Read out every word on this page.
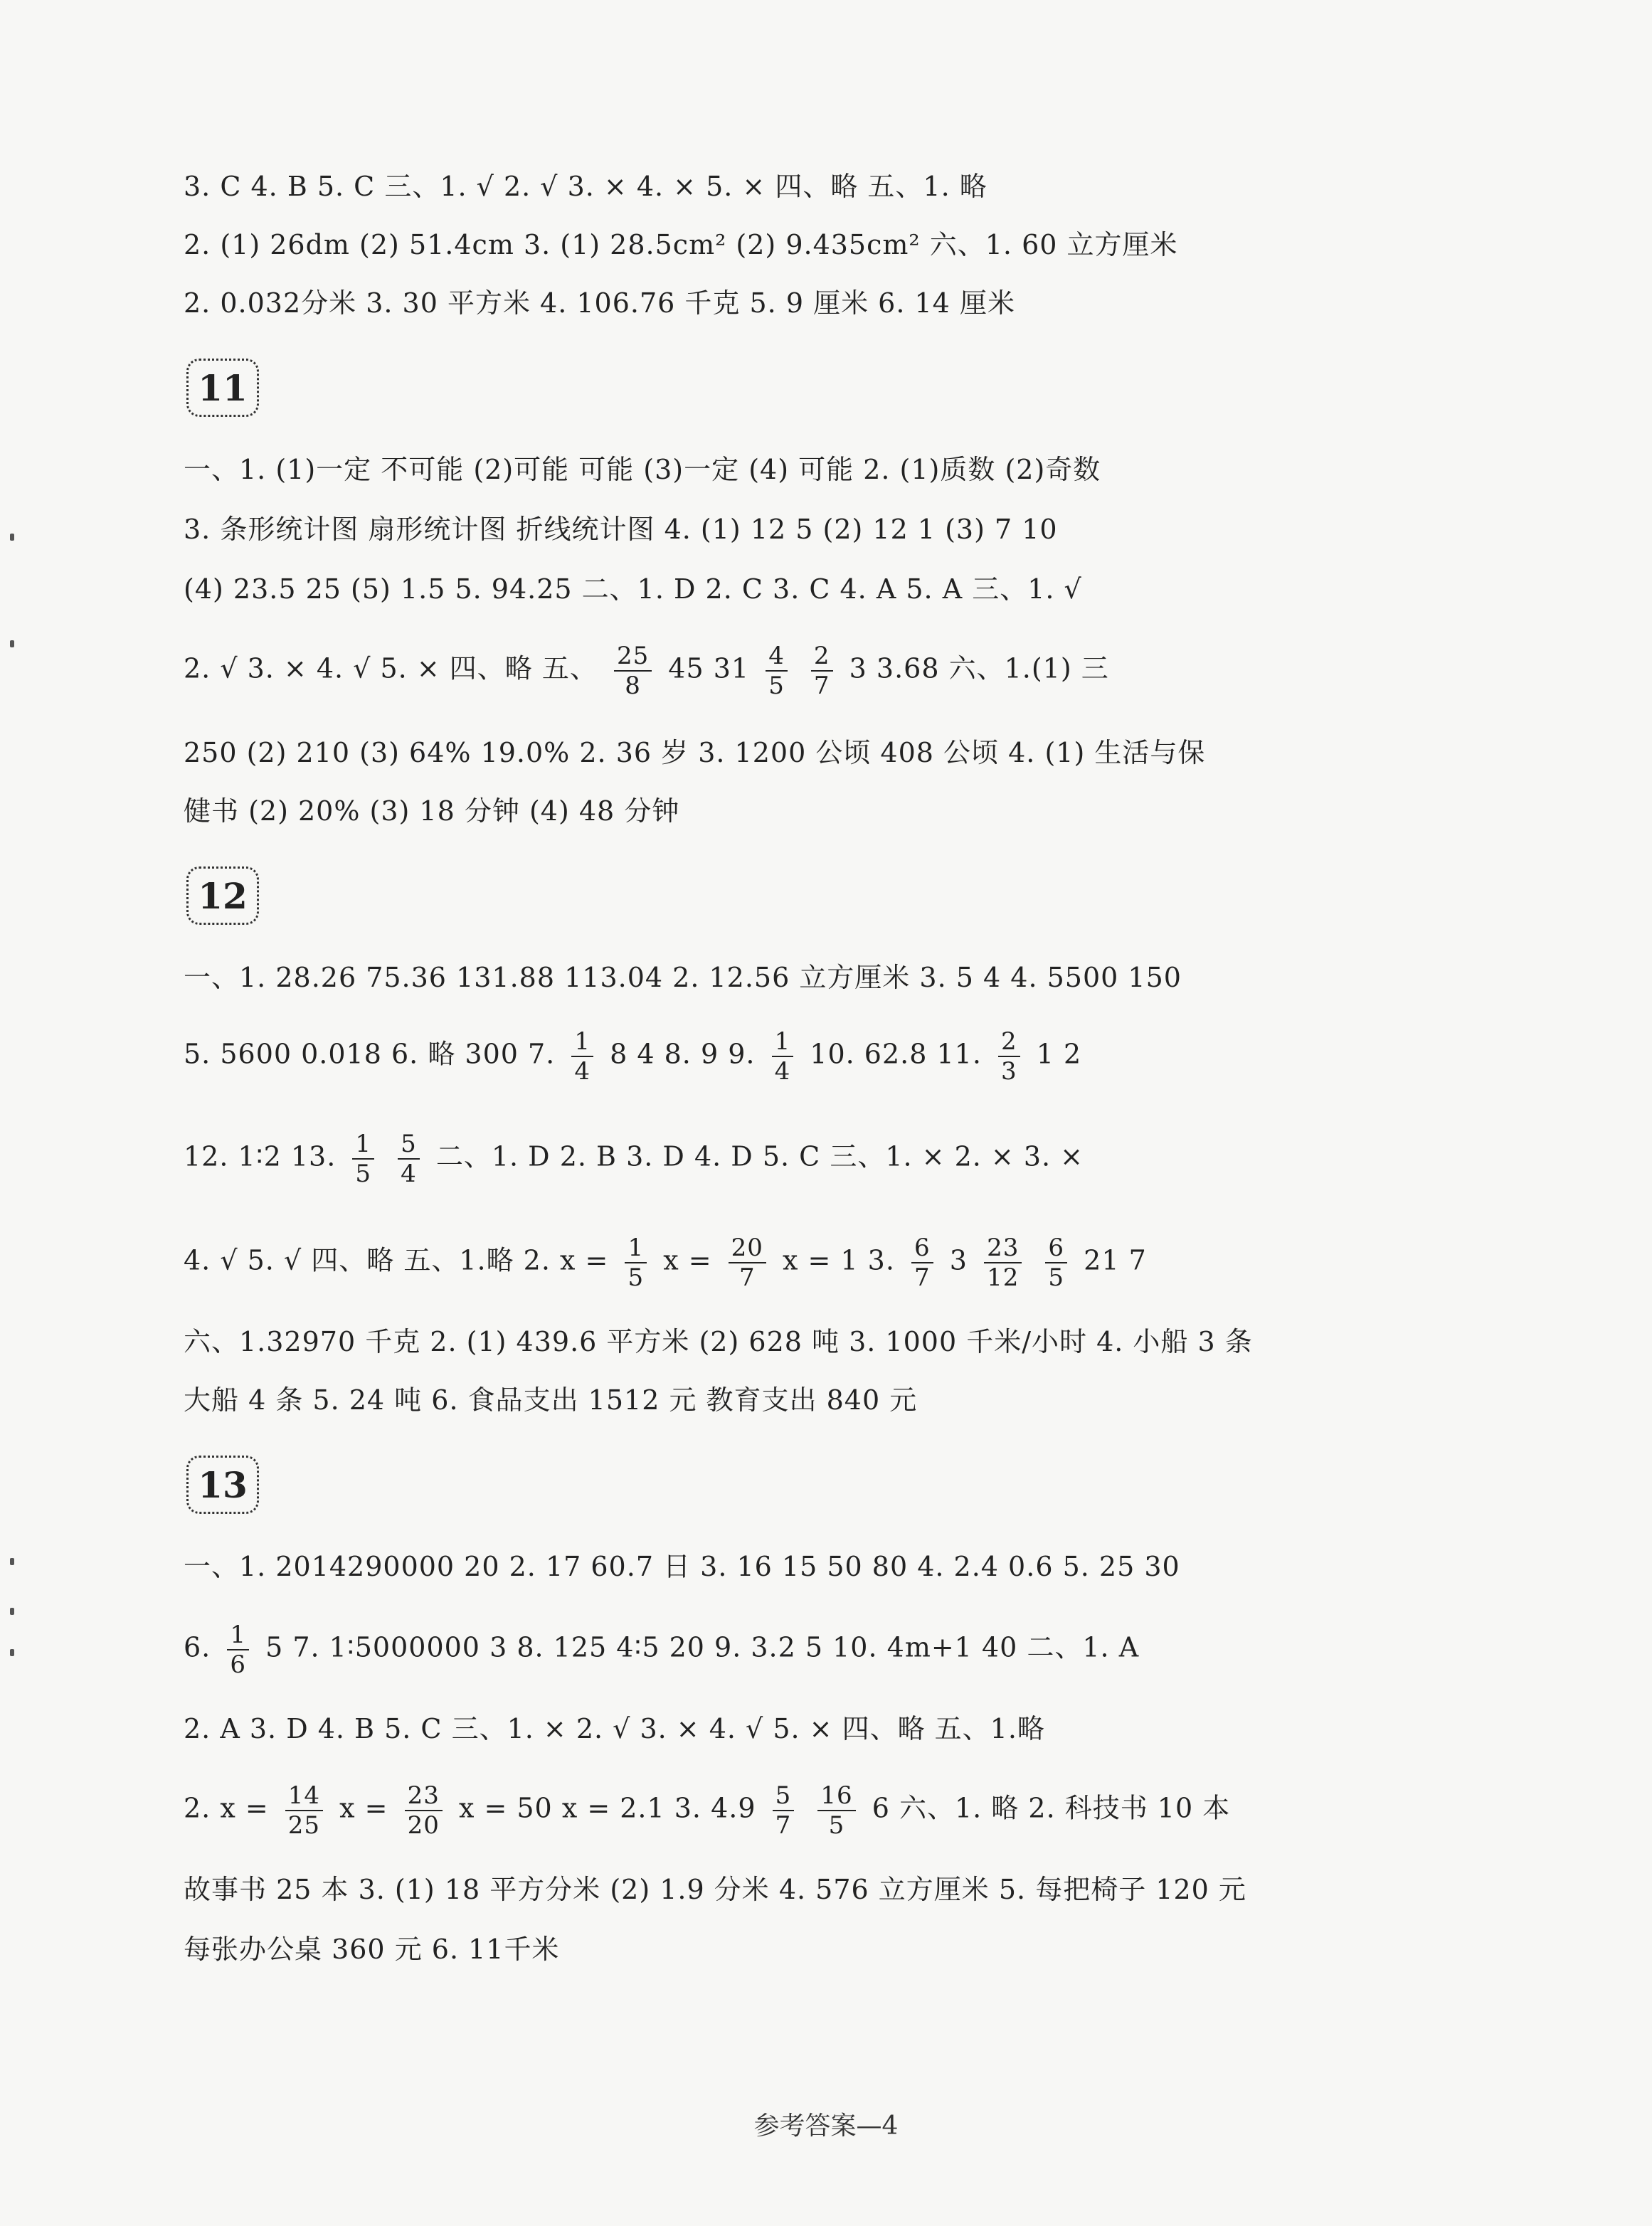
3. C 4. B 5. C 三、1. √ 2. √ 3. × 4. × 5. × 四、略 五、1. 略
2. (1) 26dm (2) 51.4cm 3. (1) 28.5cm² (2) 9.435cm² 六、1. 60 立方厘米
2. 0.032分米 3. 30 平方米 4. 106.76 千克 5. 9 厘米 6. 14 厘米
11
一、1. (1)一定 不可能 (2)可能 可能 (3)一定 (4) 可能 2. (1)质数 (2)奇数
3. 条形统计图 扇形统计图 折线统计图 4. (1) 12 5 (2) 12 1 (3) 7 10
(4) 23.5 25 (5) 1.5 5. 94.25 二、1. D 2. C 3. C 4. A 5. A 三、1. √
2. √ 3. × 4. √ 5. × 四、略 五、 $\frac{25}{8} 45$ $31 \frac{4}{5}$
$\frac{2}{7} 3$ 3.68 六、1.(1) 三
250 (2) 210 (3) 64% 19.0% 2. 36 岁 3. 1200 公顷 408 公顷 4. (1) 生活与保
健书 (2) 20% (3) 18 分钟 (4) 48 分钟
12
一、1. 28.26 75.36 131.88 113.04 2. 12.56 立方厘米 3. 5 4 4. 5500 150
5. 5600 0.018 6. 略 300 7. $\frac{1}{4} 8$ 4 8. 9 9. $\frac{1}{4} 10$. 62.8 11. $\frac{2}{3} 1$ 2
12. 1∶2 13. $\frac{1}{5}$
$\frac{5}{4}$ 二、1. D 2. B 3. D 4. D 5. C 三、1. × 2. × 3. ×
4. √ 5. √ 四、略 五、1.略 2. $x = \frac{1}{5}$ $x = \frac{20}{7}$ x = 1 3. $\frac{6}{7} 3 \frac{23}{12}$
$\frac{6}{5} 21$ 7
六、1.32970 千克 2. (1) 439.6 平方米 (2) 628 吨 3. 1000 千米/小时 4. 小船 3 条
大船 4 条 5. 24 吨 6. 食品支出 1512 元 教育支出 840 元
13
一、1. 2014290000 20 2. 17 60.7 日 3. 16 15 50 80 4. 2.4 0.6 5. 25 30
6. $\frac{1}{6} 5$ 7. 1∶5000000 3 8. 125 4∶5 20 9. 3.2 5 10. 4m+1 40 二、1. A
2. A 3. D 4. B 5. C 三、1. × 2. √ 3. × 4. √ 5. × 四、略 五、1.略
2. $x = \frac{14}{25}$ $x = \frac{23}{20}$ x = 50 x = 2.1 3. $4.9 \frac{5}{7}$
$\frac{16}{5} 6$ 六、1. 略 2. 科技书 10 本
故事书 25 本 3. (1) 18 平方分米 (2) 1.9 分米 4. 576 立方厘米 5. 每把椅子 120 元
每张办公桌 360 元 6. 11千米
参考答案—4
